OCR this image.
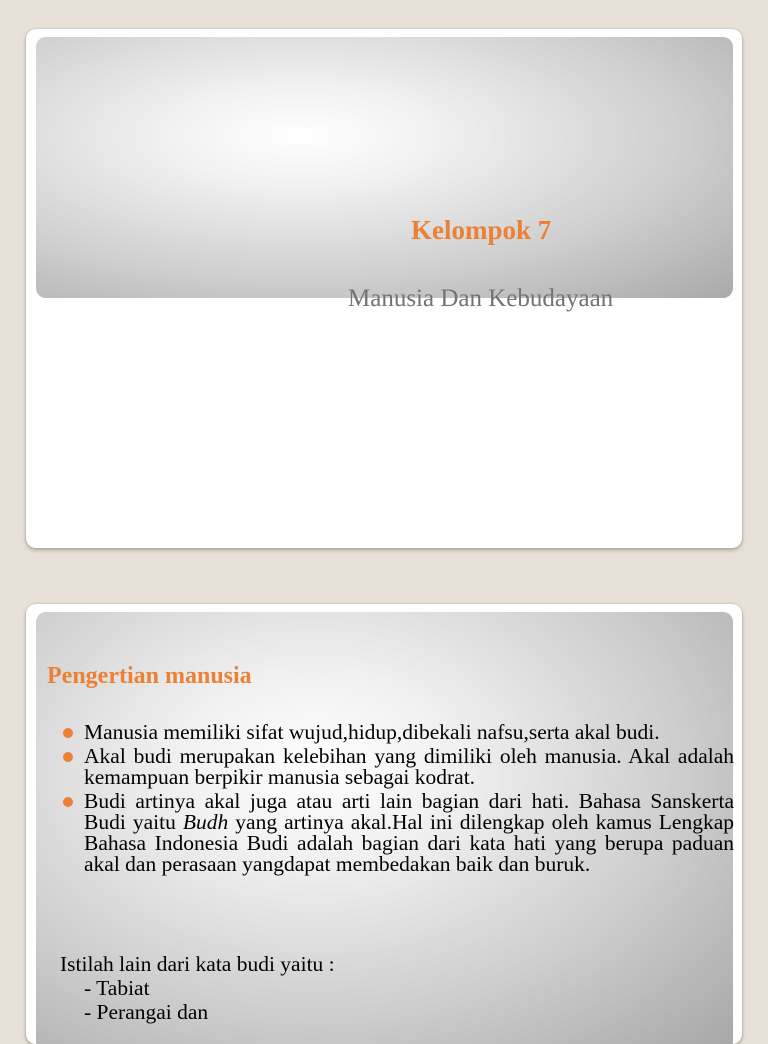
Kelompok 7

Manusia Dan Kebudayaan

Pengertian manusia
Manusia memiliki sifat wujud,hidup,dibekali nafsu,serta akal budi.
Akal budi merupakan kelebihan yang dimiliki oleh manusia. Akal adalah kemampuan berpikir manusia sebagai kodrat.
Budi artinya akal juga atau arti lain bagian dari hati. Bahasa Sanskerta Budi yaitu Budh yang artinya akal.Hal ini dilengkap oleh kamus Lengkap Bahasa Indonesia Budi adalah bagian dari kata hati yang berupa paduan akal dan perasaan yangdapat membedakan baik dan buruk.
Istilah lain dari kata budi yaitu :
- Tabiat
- Perangai dan
